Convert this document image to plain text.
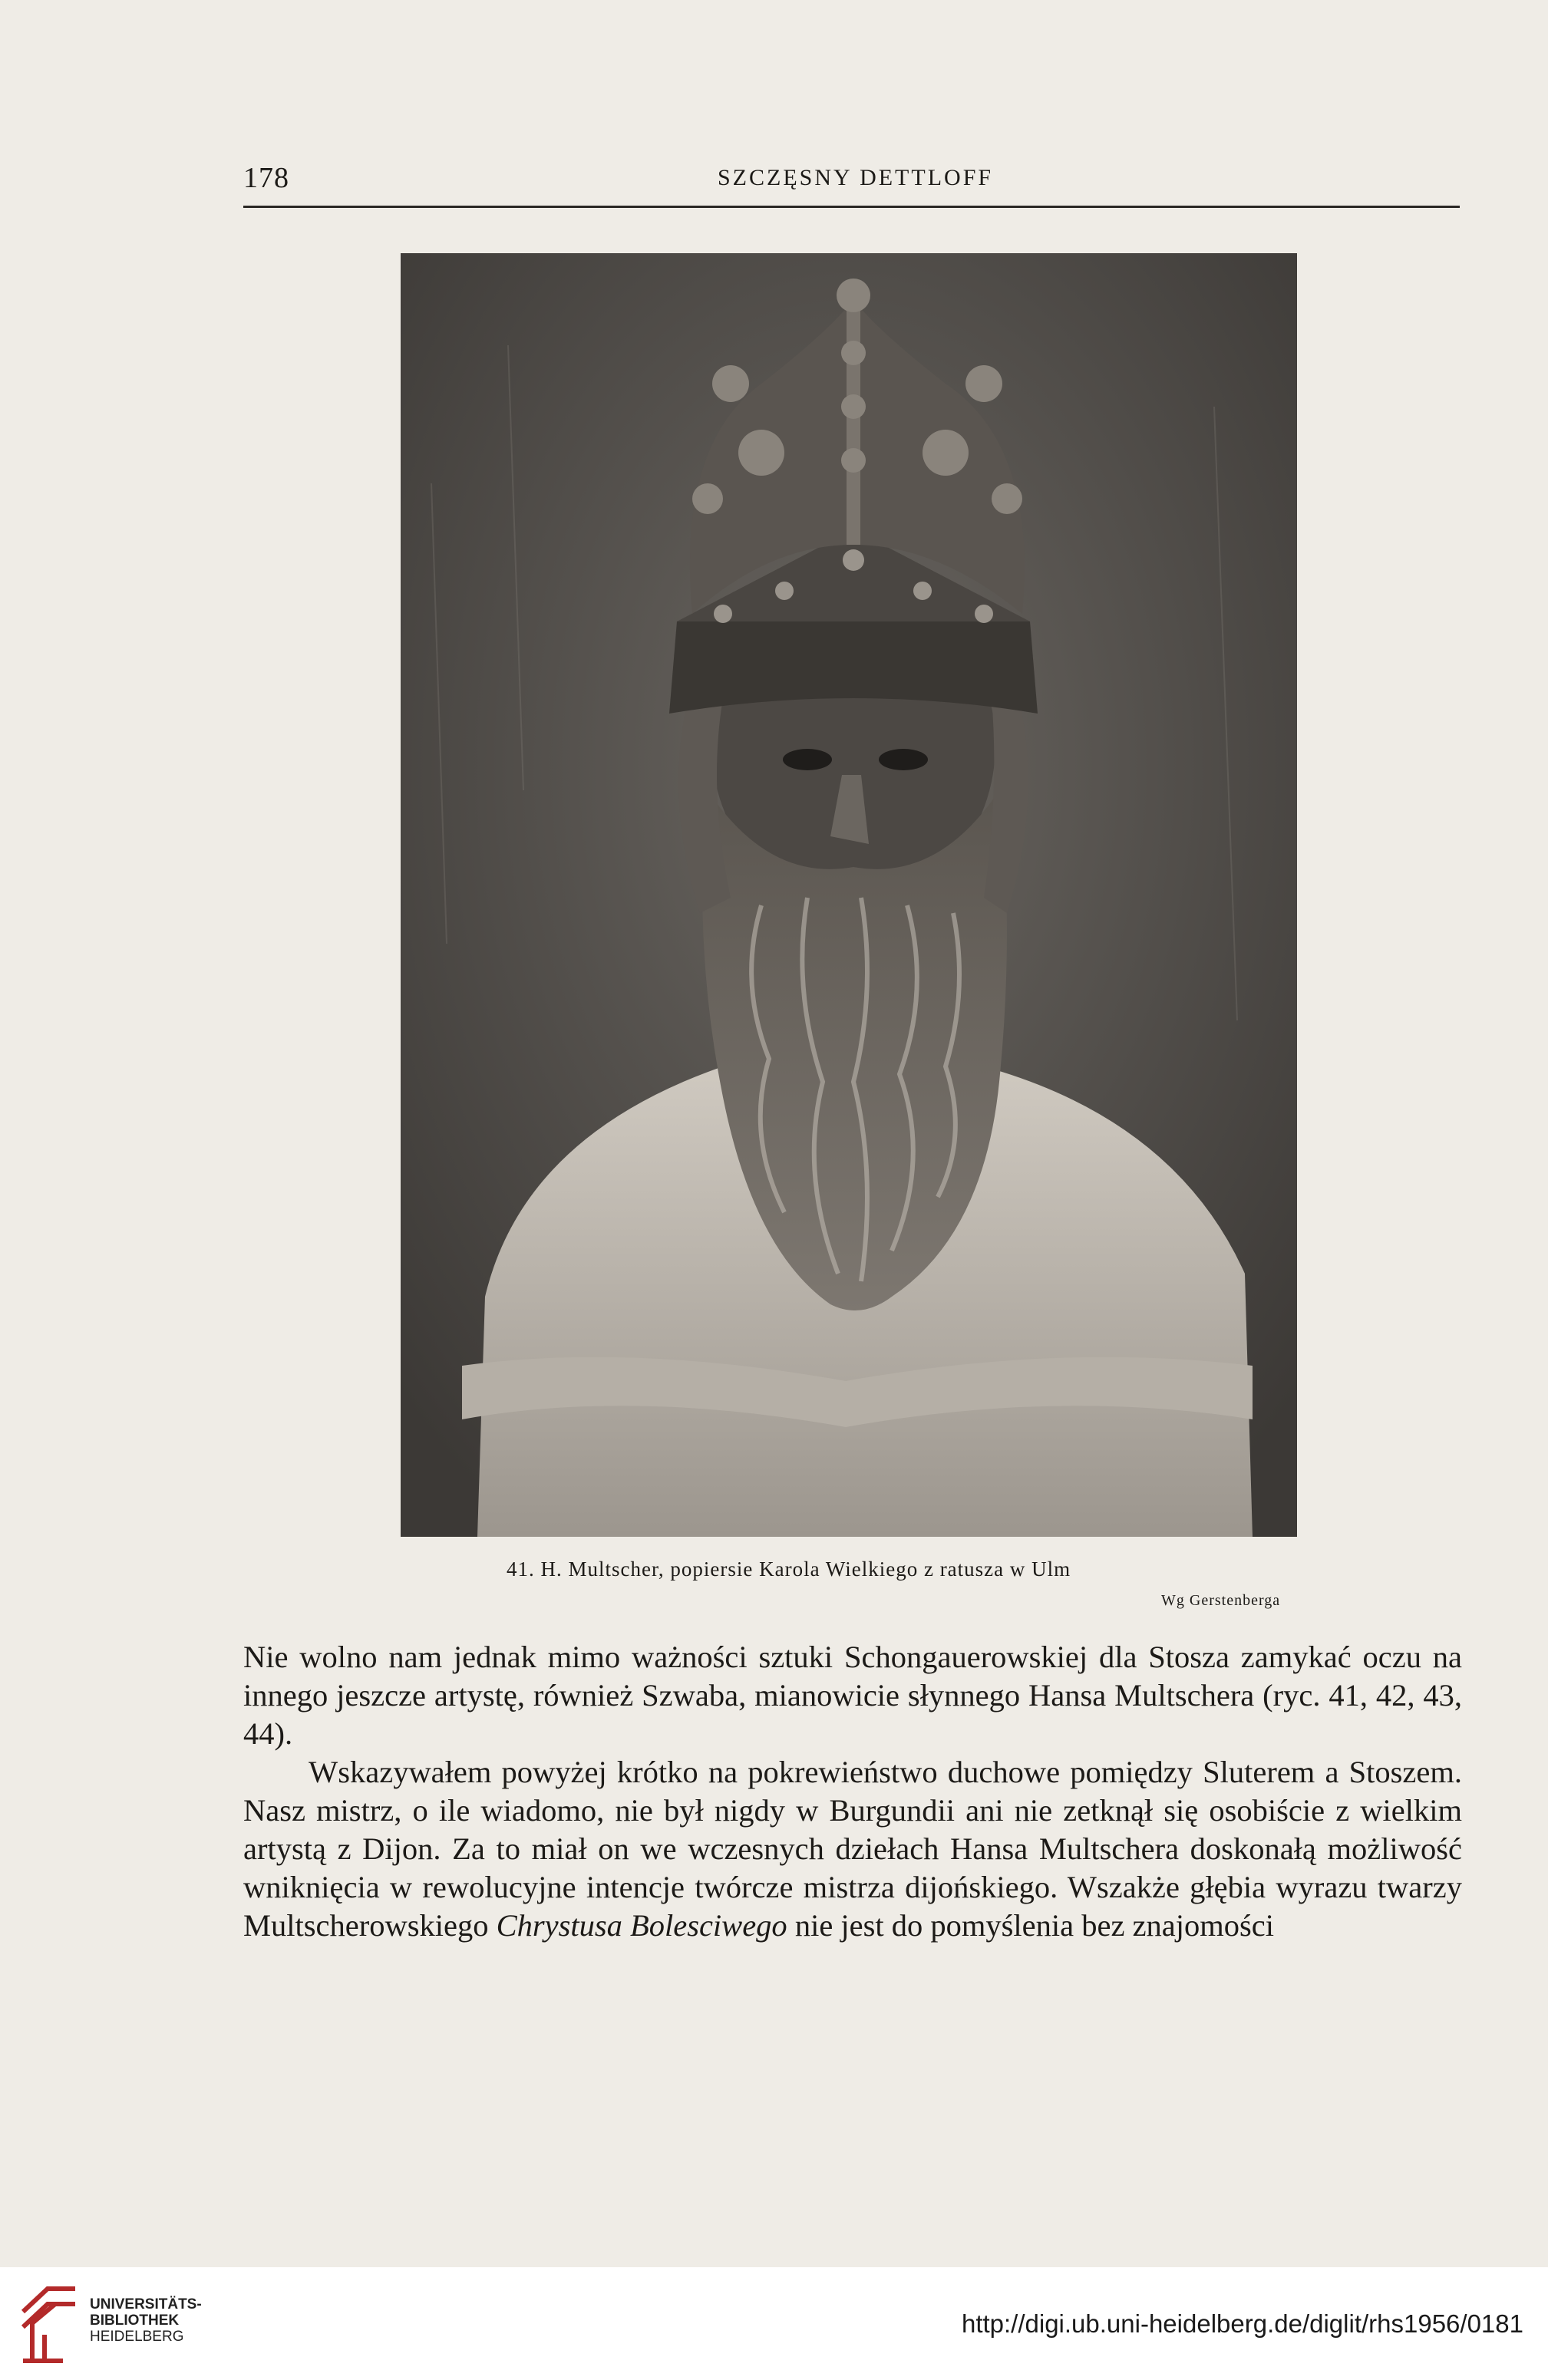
178	SZCZĘSNY DETTLOFF
41. H. Multscher, popiersie Karola Wielkiego z ratusza w Ulm
Wg Gerstenberga

Nie wolno nam jednak mimo ważności sztuki Schongauerowskiej dla Stosza zamykać oczu na innego jeszcze artystę, również Szwaba, mianowicie słynnego Hansa Multschera (ryc. 41, 42, 43, 44).

Wskazywałem powyżej krótko na pokrewieństwo duchowe pomiędzy Sluterem a Stoszem. Nasz mistrz, o ile wiadomo, nie był nigdy w Burgundii ani nie zetknął się osobiście z wielkim artystą z Dijon. Za to miał on we wczesnych dziełach Hansa Multschera doskonałą możliwość wniknięcia w rewolucyjne intencje twórcze mistrza dijońskiego. Wszakże głębia wyrazu twarzy Multscherowskiego Chrystusa Bolesciwego nie jest do pomyślenia bez znajomości

UNIVERSITÄTS-
BIBLIOTHEK
HEIDELBERG	http://digi.ub.uni-heidelberg.de/diglit/rhs1956/0181
